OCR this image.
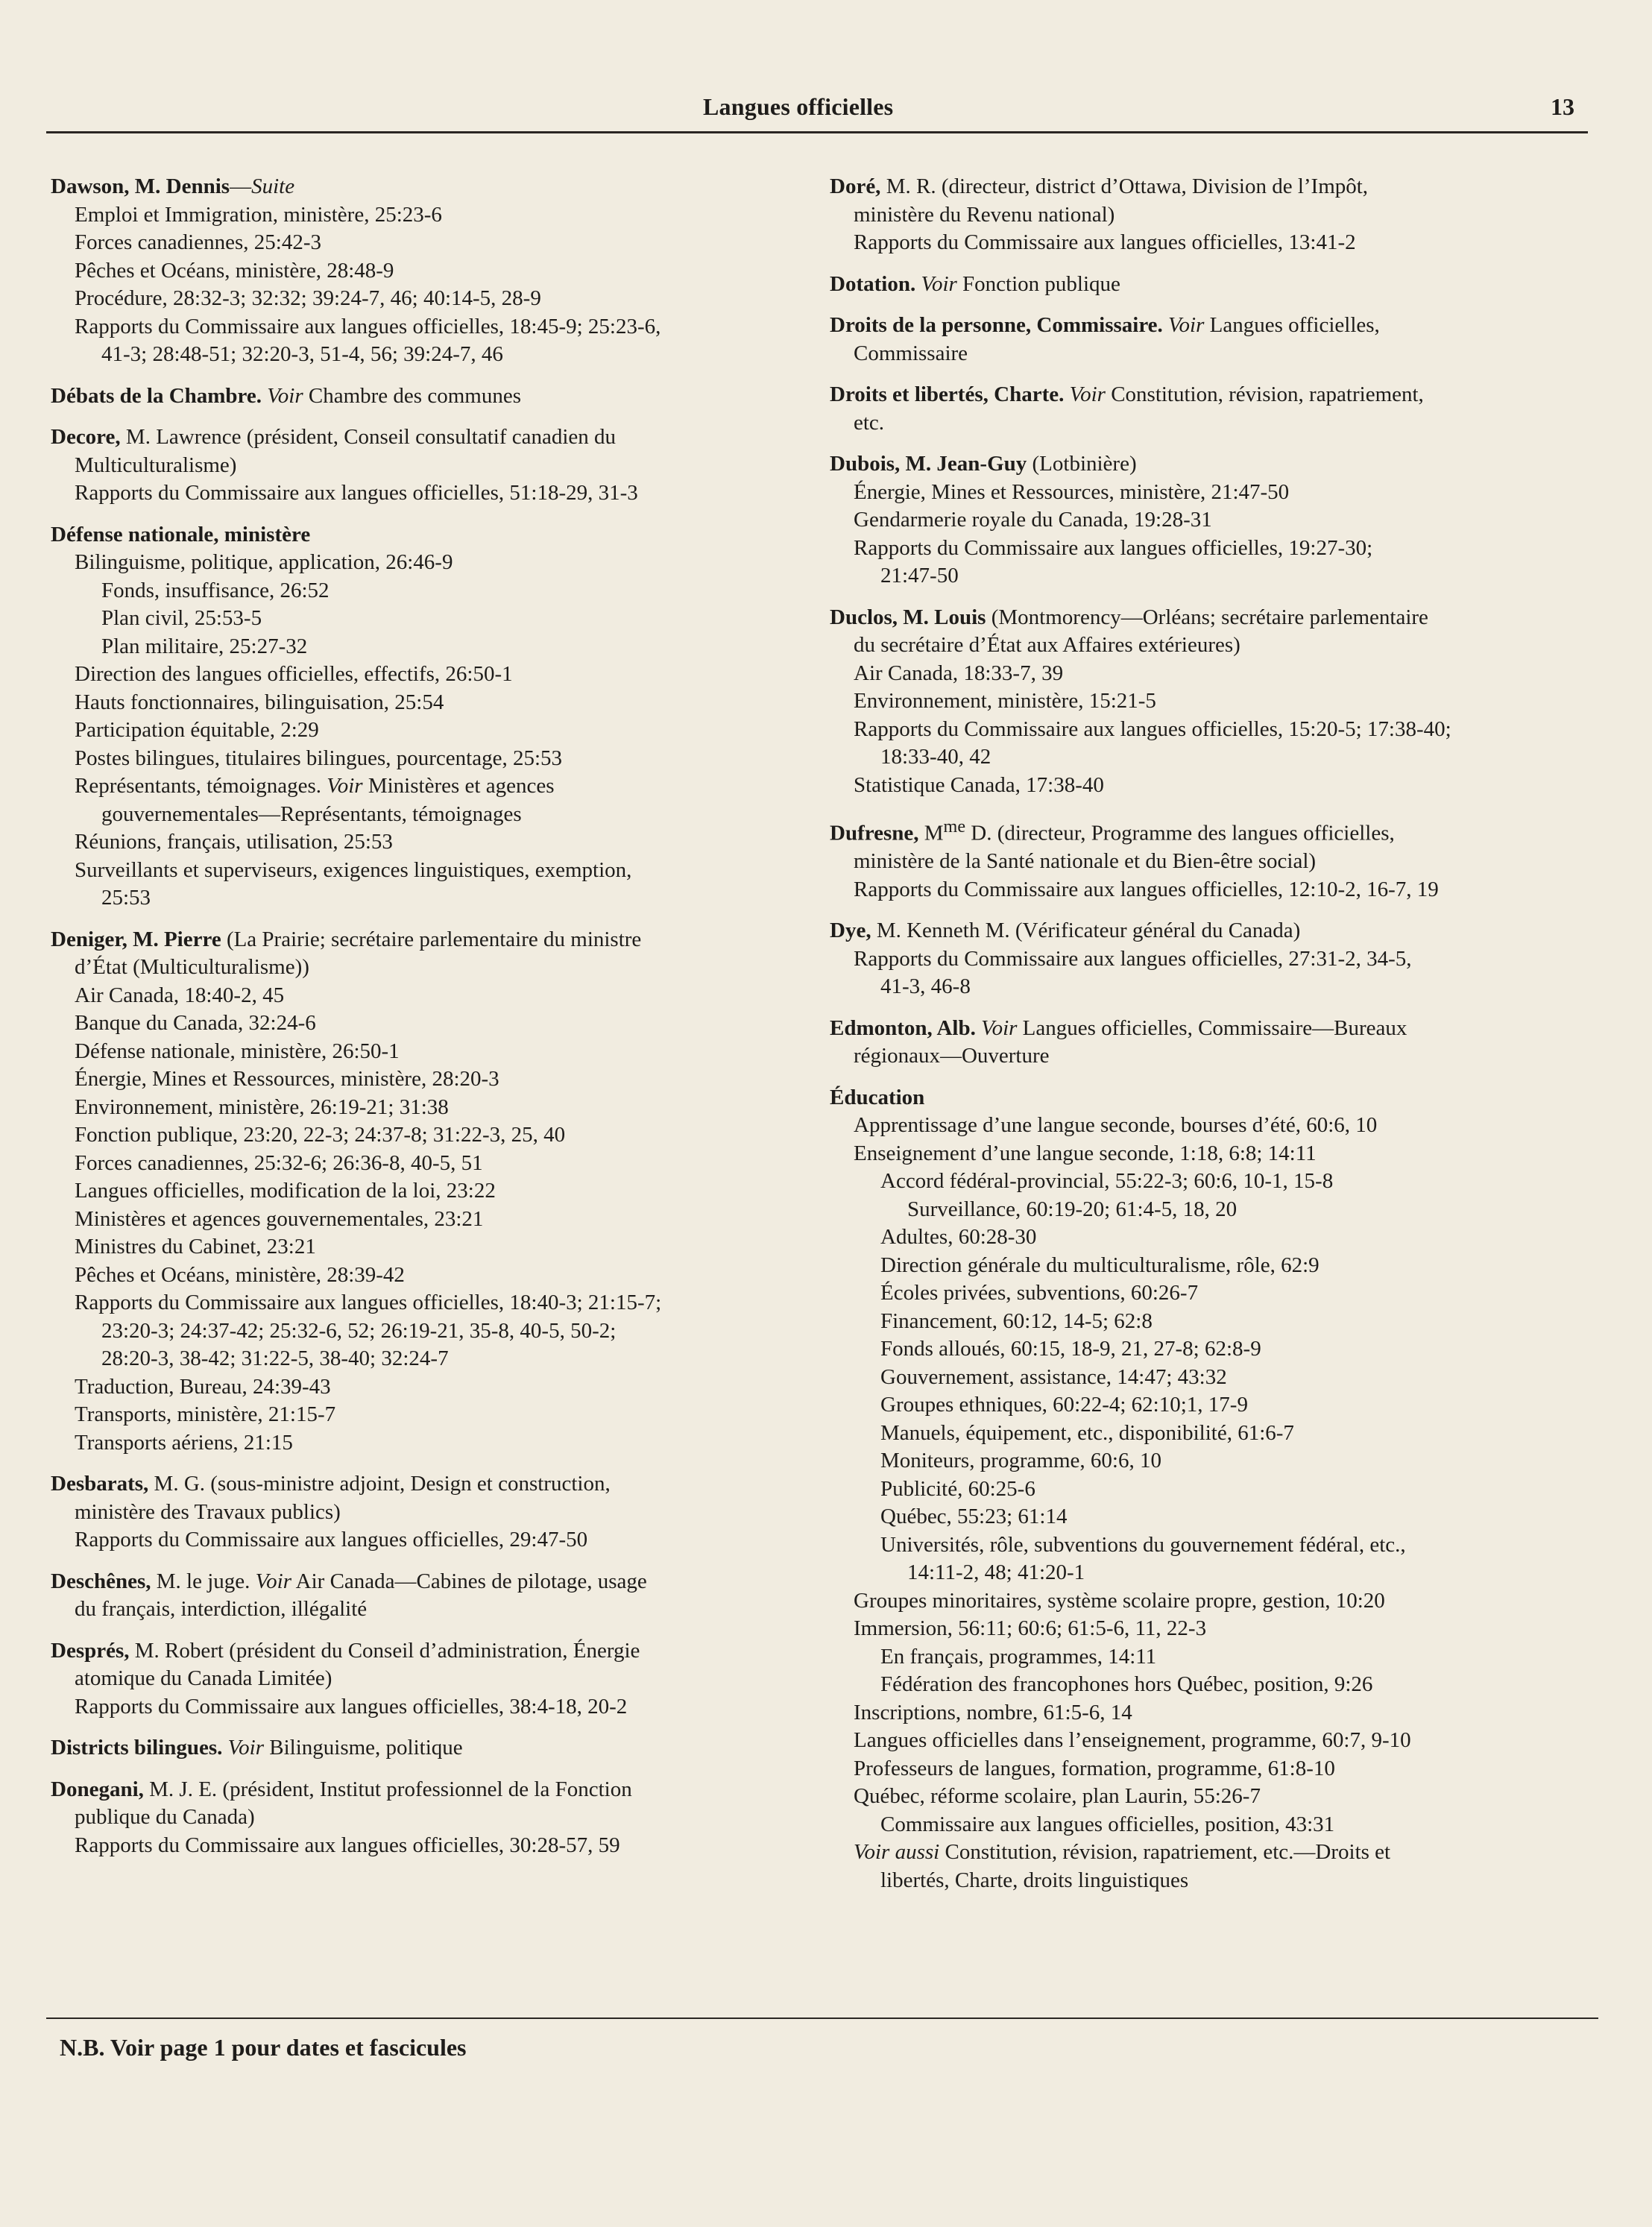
Langues officielles	13
Dawson, M. Dennis—Suite
Emploi et Immigration, ministère, 25:23-6
Forces canadiennes, 25:42-3
Pêches et Océans, ministère, 28:48-9
Procédure, 28:32-3; 32:32; 39:24-7, 46; 40:14-5, 28-9
Rapports du Commissaire aux langues officielles, 18:45-9; 25:23-6,
41-3; 28:48-51; 32:20-3, 51-4, 56; 39:24-7, 46
Débats de la Chambre. Voir Chambre des communes
Decore, M. Lawrence (président, Conseil consultatif canadien du
Multiculturalisme)
Rapports du Commissaire aux langues officielles, 51:18-29, 31-3
Défense nationale, ministère
Bilinguisme, politique, application, 26:46-9
Fonds, insuffisance, 26:52
Plan civil, 25:53-5
Plan militaire, 25:27-32
Direction des langues officielles, effectifs, 26:50-1
Hauts fonctionnaires, bilinguisation, 25:54
Participation équitable, 2:29
Postes bilingues, titulaires bilingues, pourcentage, 25:53
Représentants, témoignages. Voir Ministères et agences
gouvernementales—Représentants, témoignages
Réunions, français, utilisation, 25:53
Surveillants et superviseurs, exigences linguistiques, exemption,
25:53
Deniger, M. Pierre (La Prairie; secrétaire parlementaire du ministre
d’État (Multiculturalisme))
Air Canada, 18:40-2, 45
Banque du Canada, 32:24-6
Défense nationale, ministère, 26:50-1
Énergie, Mines et Ressources, ministère, 28:20-3
Environnement, ministère, 26:19-21; 31:38
Fonction publique, 23:20, 22-3; 24:37-8; 31:22-3, 25, 40
Forces canadiennes, 25:32-6; 26:36-8, 40-5, 51
Langues officielles, modification de la loi, 23:22
Ministères et agences gouvernementales, 23:21
Ministres du Cabinet, 23:21
Pêches et Océans, ministère, 28:39-42
Rapports du Commissaire aux langues officielles, 18:40-3; 21:15-7;
23:20-3; 24:37-42; 25:32-6, 52; 26:19-21, 35-8, 40-5, 50-2;
28:20-3, 38-42; 31:22-5, 38-40; 32:24-7
Traduction, Bureau, 24:39-43
Transports, ministère, 21:15-7
Transports aériens, 21:15
Desbarats, M. G. (sous-ministre adjoint, Design et construction,
ministère des Travaux publics)
Rapports du Commissaire aux langues officielles, 29:47-50
Deschênes, M. le juge. Voir Air Canada—Cabines de pilotage, usage
du français, interdiction, illégalité
Després, M. Robert (président du Conseil d’administration, Énergie
atomique du Canada Limitée)
Rapports du Commissaire aux langues officielles, 38:4-18, 20-2
Districts bilingues. Voir Bilinguisme, politique
Donegani, M. J. E. (président, Institut professionnel de la Fonction
publique du Canada)
Rapports du Commissaire aux langues officielles, 30:28-57, 59
Doré, M. R. (directeur, district d’Ottawa, Division de l’Impôt,
ministère du Revenu national)
Rapports du Commissaire aux langues officielles, 13:41-2
Dotation. Voir Fonction publique
Droits de la personne, Commissaire. Voir Langues officielles,
Commissaire
Droits et libertés, Charte. Voir Constitution, révision, rapatriement,
etc.
Dubois, M. Jean-Guy (Lotbinière)
Énergie, Mines et Ressources, ministère, 21:47-50
Gendarmerie royale du Canada, 19:28-31
Rapports du Commissaire aux langues officielles, 19:27-30;
21:47-50
Duclos, M. Louis (Montmorency—Orléans; secrétaire parlementaire
du secrétaire d’État aux Affaires extérieures)
Air Canada, 18:33-7, 39
Environnement, ministère, 15:21-5
Rapports du Commissaire aux langues officielles, 15:20-5; 17:38-40;
18:33-40, 42
Statistique Canada, 17:38-40
Dufresne, $M^{me}$ D. (directeur, Programme des langues officielles,
ministère de la Santé nationale et du Bien-être social)
Rapports du Commissaire aux langues officielles, 12:10-2, 16-7, 19
Dye, M. Kenneth M. (Vérificateur général du Canada)
Rapports du Commissaire aux langues officielles, 27:31-2, 34-5,
41-3, 46-8
Edmonton, Alb. Voir Langues officielles, Commissaire—Bureaux
régionaux—Ouverture
Éducation
Apprentissage d’une langue seconde, bourses d’été, 60:6, 10
Enseignement d’une langue seconde, 1:18, 6:8; 14:11
Accord fédéral-provincial, 55:22-3; 60:6, 10-1, 15-8
Surveillance, 60:19-20; 61:4-5, 18, 20
Adultes, 60:28-30
Direction générale du multiculturalisme, rôle, 62:9
Écoles privées, subventions, 60:26-7
Financement, 60:12, 14-5; 62:8
Fonds alloués, 60:15, 18-9, 21, 27-8; 62:8-9
Gouvernement, assistance, 14:47; 43:32
Groupes ethniques, 60:22-4; 62:10;1, 17-9
Manuels, équipement, etc., disponibilité, 61:6-7
Moniteurs, programme, 60:6, 10
Publicité, 60:25-6
Québec, 55:23; 61:14
Universités, rôle, subventions du gouvernement fédéral, etc.,
14:11-2, 48; 41:20-1
Groupes minoritaires, système scolaire propre, gestion, 10:20
Immersion, 56:11; 60:6; 61:5-6, 11, 22-3
En français, programmes, 14:11
Fédération des francophones hors Québec, position, 9:26
Inscriptions, nombre, 61:5-6, 14
Langues officielles dans l’enseignement, programme, 60:7, 9-10
Professeurs de langues, formation, programme, 61:8-10
Québec, réforme scolaire, plan Laurin, 55:26-7
Commissaire aux langues officielles, position, 43:31
Voir aussi Constitution, révision, rapatriement, etc.—Droits et
libertés, Charte, droits linguistiques
N.B. Voir page 1 pour dates et fascicules
